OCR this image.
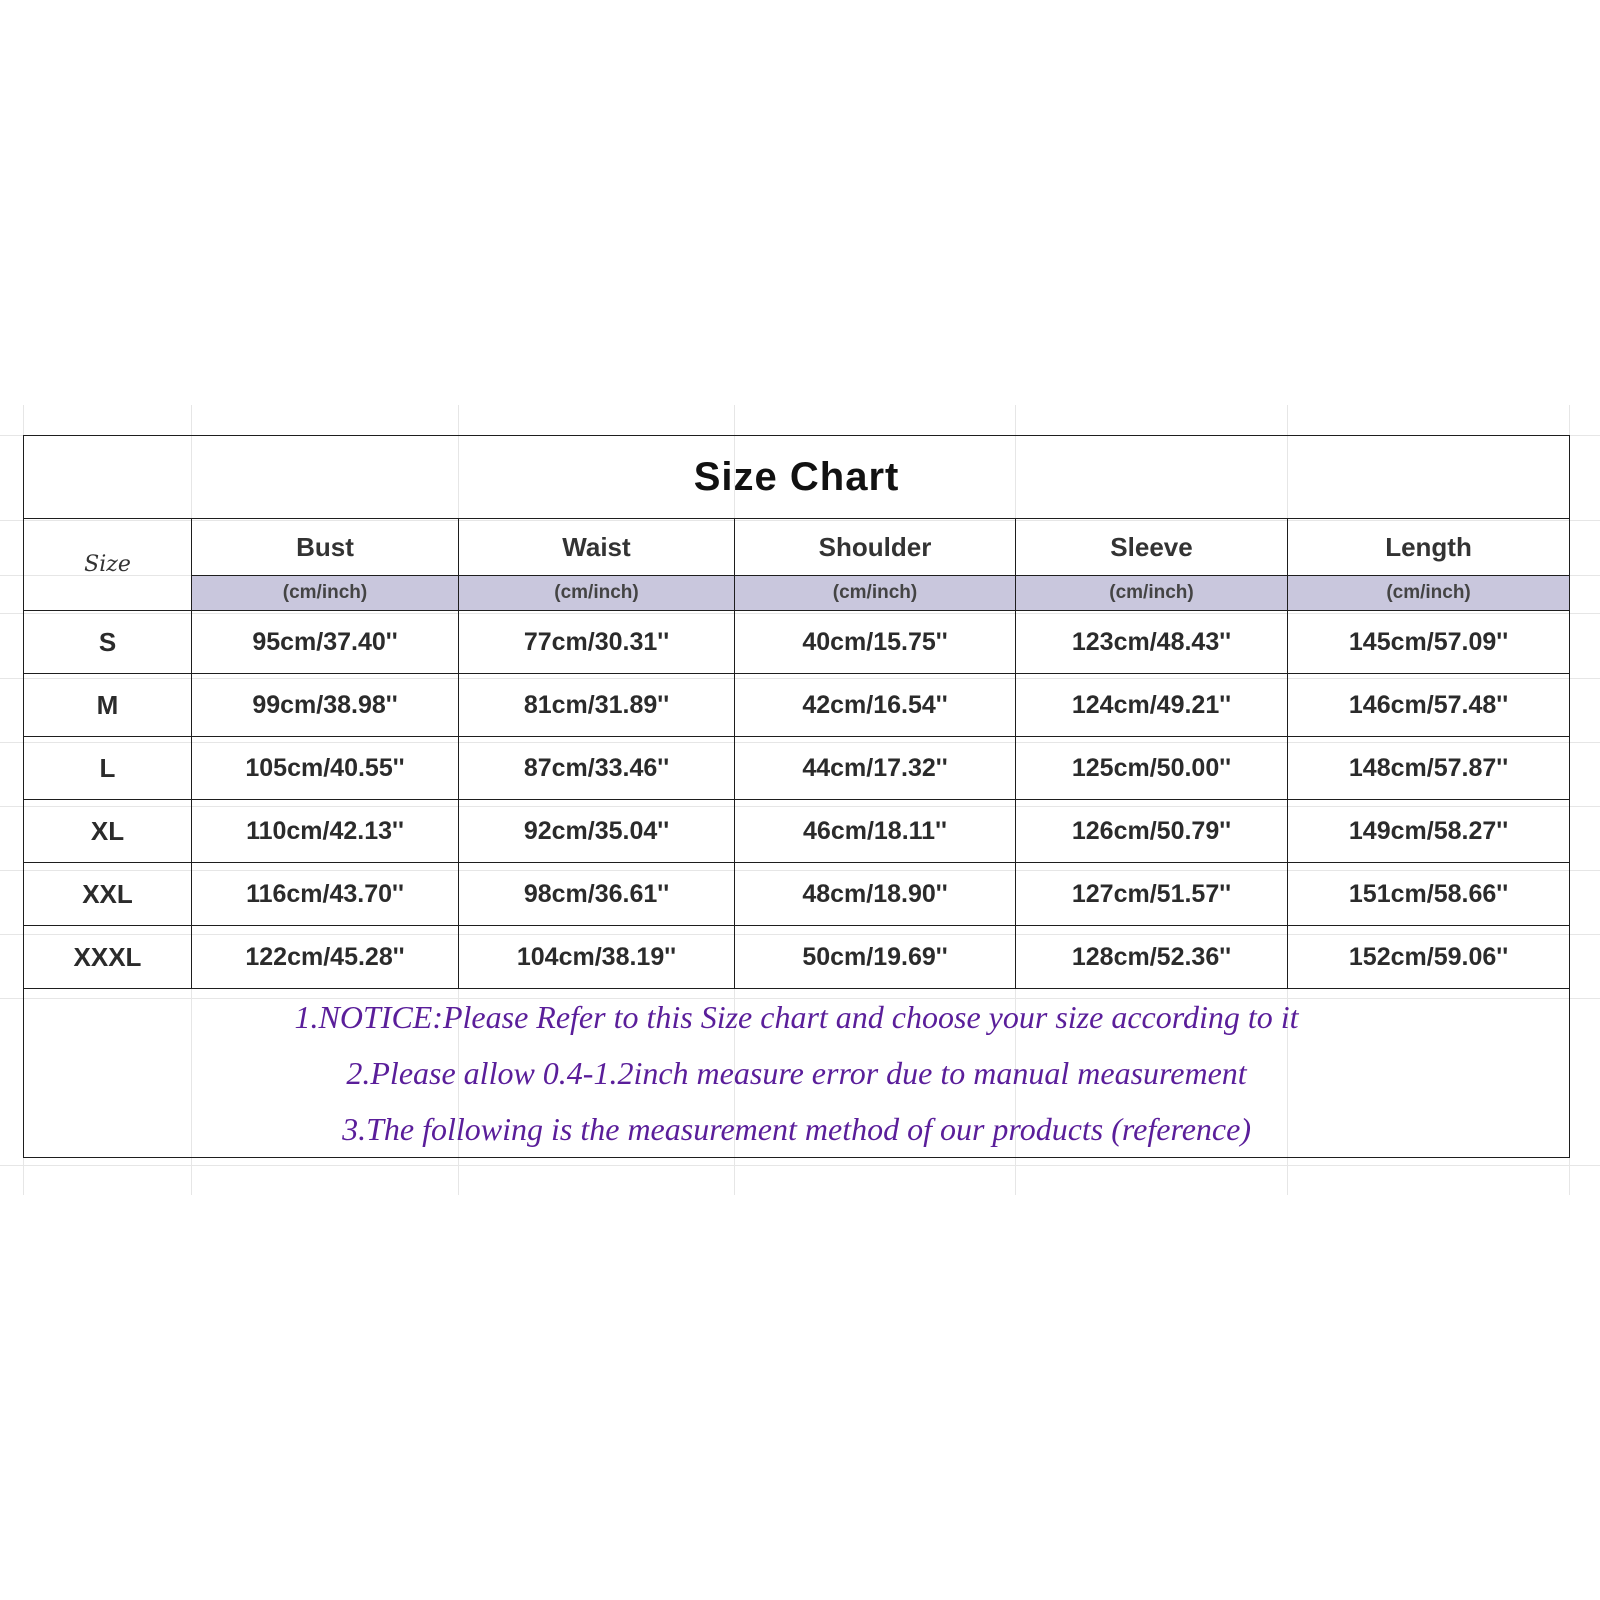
Size Chart					
Size	Bust	Waist	Shoulder	Sleeve	Length
	(cm/inch)	(cm/inch)	(cm/inch)	(cm/inch)	(cm/inch)
S	95cm/37.40''	77cm/30.31''	40cm/15.75''	123cm/48.43''	145cm/57.09''
M	99cm/38.98''	81cm/31.89''	42cm/16.54''	124cm/49.21''	146cm/57.48''
L	105cm/40.55''	87cm/33.46''	44cm/17.32''	125cm/50.00''	148cm/57.87''
XL	110cm/42.13''	92cm/35.04''	46cm/18.11''	126cm/50.79''	149cm/58.27''
XXL	116cm/43.70''	98cm/36.61''	48cm/18.90''	127cm/51.57''	151cm/58.66''
XXXL	122cm/45.28''	104cm/38.19''	50cm/19.69''	128cm/52.36''	152cm/59.06''

1.NOTICE:Please Refer to this Size chart and choose your size according to it
2.Please allow 0.4-1.2inch measure error due to manual measurement
3.The following is the measurement method of our products (reference)					
